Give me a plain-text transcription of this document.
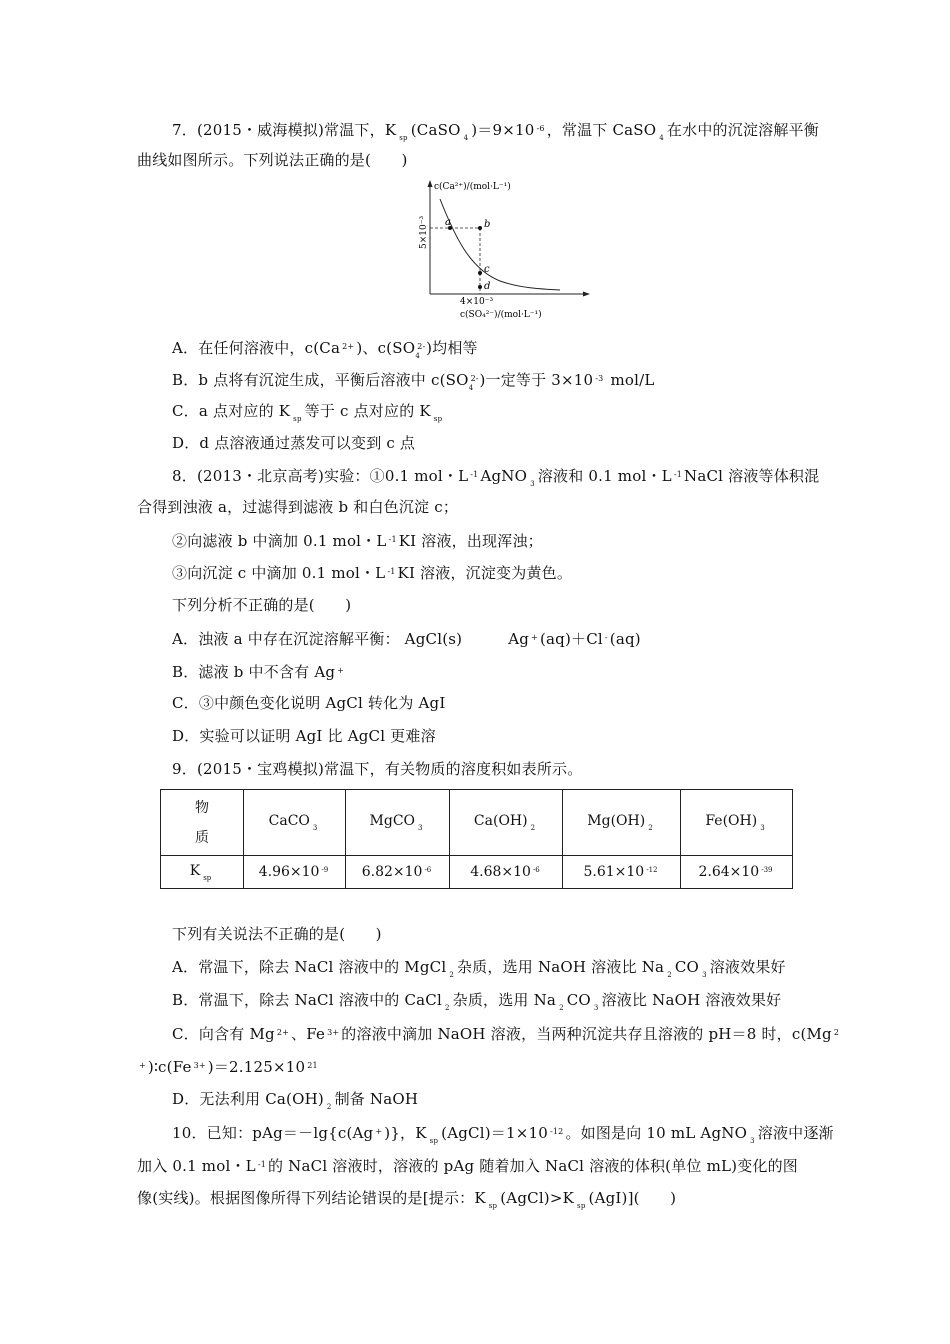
7．(2015・威海模拟)常温下，K $_{sp}$ (CaSO $_4$ )＝9×10 $^{-6}$ ，常温下 CaSO $_4$ 在水中的沉淀溶解平衡
曲线如图所示。下列说法正确的是(　　)
c(Ca²⁺)/(mol·L⁻¹)
5×10⁻³ a	b
c
d
4×10⁻³
c(SO₄²⁻)/(mol·L⁻¹)
A．在任何溶液中，c(Ca $^{2+}$ )、c(SO $^{2-}_4$ )均相等
B．b 点将有沉淀生成，平衡后溶液中 c(SO $^{2-}_4$ )一定等于 3×10 $^{-3}$ mol/L
C．a 点对应的 K $_{sp}$ 等于 c 点对应的 K $_{sp}$
D．d 点溶液通过蒸发可以变到 c 点
8．(2013・北京高考)实验：①0.1 mol・L $^{-1}$ AgNO $_3$ 溶液和 0.1 mol・L $^{-1}$ NaCl 溶液等体积混
合得到浊液 a，过滤得到滤液 b 和白色沉淀 c；
②向滤液 b 中滴加 0.1 mol・L $^{-1}$ KI 溶液，出现浑浊；
③向沉淀 c 中滴加 0.1 mol・L $^{-1}$ KI 溶液，沉淀变为黄色。
下列分析不正确的是(　　)
A．浊液 a 中存在沉淀溶解平衡： AgCl(s)	Ag + (aq)＋Cl - (aq)
B．滤液 b 中不含有 Ag +
C．③中颜色变化说明 AgCl 转化为 AgI
D．实验可以证明 AgI 比 AgCl 更难溶
9．(2015・宝鸡模拟)常温下，有关物质的溶度积如表所示。
物
质	CaCO $_3$	MgCO $_3$	Ca(OH) $_2$	Mg(OH) $_2$	Fe(OH) $_3$
K $_{sp}$	4.96×10 $^{-9}$	6.82×10 $^{-6}$	4.68×10 $^{-6}$	5.61×10 $^{-12}$	2.64×10 $^{-39}$
下列有关说法不正确的是(　　)
A．常温下，除去 NaCl 溶液中的 MgCl $_2$ 杂质，选用 NaOH 溶液比 Na $_2$ CO $_3$ 溶液效果好
B．常温下，除去 NaCl 溶液中的 CaCl $_2$ 杂质，选用 Na $_2$ CO $_3$ 溶液比 NaOH 溶液效果好
C．向含有 Mg $^{2+}$ 、Fe $^{3+}$ 的溶液中滴加 NaOH 溶液，当两种沉淀共存且溶液的 pH＝8 时，c(Mg $^2$
+ )∶c(Fe $^{3+}$ )＝2.125×10 $^{21}$
D．无法利用 Ca(OH) $_2$ 制备 NaOH
10．已知：pAg＝－lg{c(Ag + )}，K $_{sp}$ (AgCl)＝1×10 $^{-12}$ 。如图是向 10 mL AgNO $_3$ 溶液中逐渐
加入 0.1 mol・L $^{-1}$ 的 NaCl 溶液时，溶液的 pAg 随着加入 NaCl 溶液的体积(单位 mL)变化的图
像(实线)。根据图像所得下列结论错误的是[提示：K $_{sp}$ (AgCl)>K $_{sp}$ (AgI)](　　)
